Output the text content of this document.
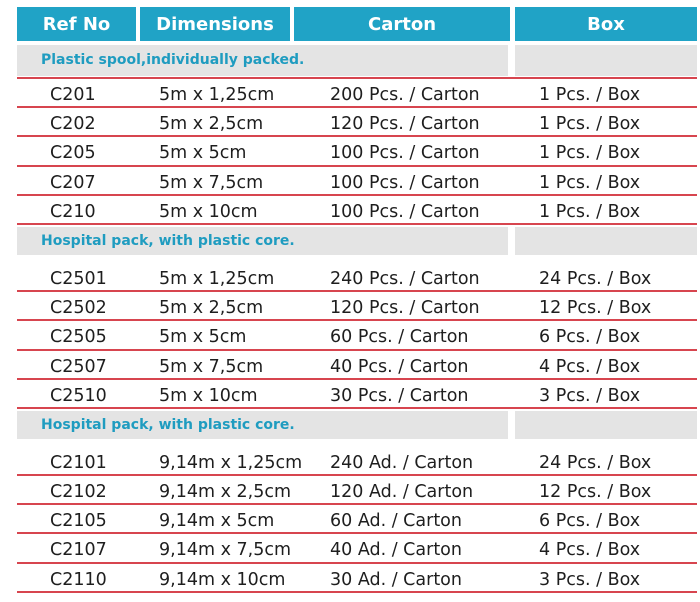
Ref No	Dimensions	Carton	Box
Plastic spool,individually packed.
C201	5m x 1,25cm	200 Pcs. / Carton	1 Pcs. / Box
C202	5m x 2,5cm	120 Pcs. / Carton	1 Pcs. / Box
C205	5m x 5cm	100 Pcs. / Carton	1 Pcs. / Box
C207	5m x 7,5cm	100 Pcs. / Carton	1 Pcs. / Box
C210	5m x 10cm	100 Pcs. / Carton	1 Pcs. / Box
Hospital pack, with plastic core.
C2501	5m x 1,25cm	240 Pcs. / Carton	24 Pcs. / Box
C2502	5m x 2,5cm	120 Pcs. / Carton	12 Pcs. / Box
C2505	5m x 5cm	60 Pcs. / Carton	6 Pcs. / Box
C2507	5m x 7,5cm	40 Pcs. / Carton	4 Pcs. / Box
C2510	5m x 10cm	30 Pcs. / Carton	3 Pcs. / Box
Hospital pack, with plastic core.
C2101	9,14m x 1,25cm 240 Ad. / Carton	24 Pcs. / Box
C2102	9,14m x 2,5cm 120 Ad. / Carton	12 Pcs. / Box
C2105	9,14m x 5cm	60 Ad. / Carton	6 Pcs. / Box
C2107	9,14m x 7,5cm 40 Ad. / Carton	4 Pcs. / Box
C2110	9,14m x 10cm	30 Ad. / Carton	3 Pcs. / Box
